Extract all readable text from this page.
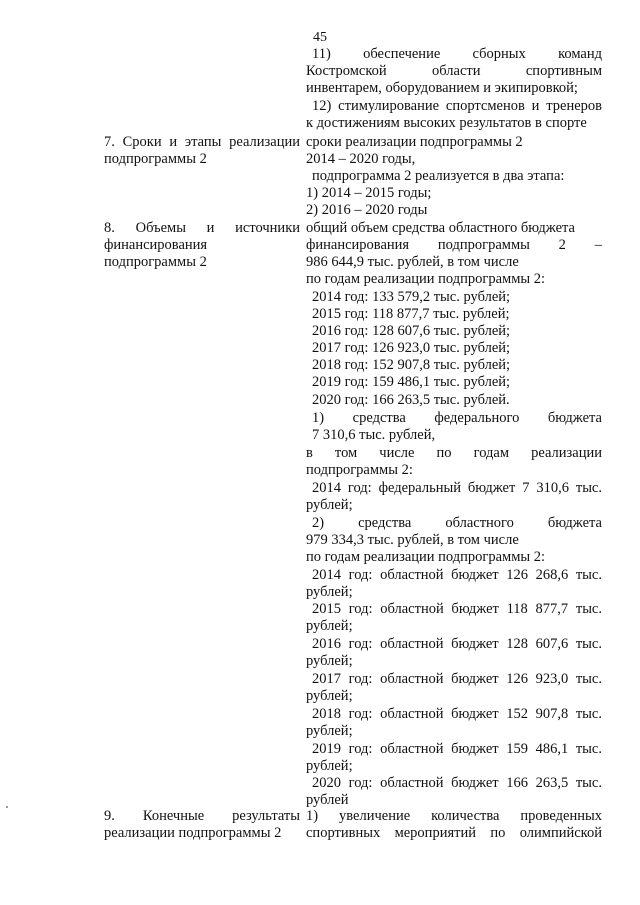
45
7. Сроки и этапы реализации
подпрограммы 2
8. Объемы и источники
финансирования
подпрограммы 2
9. Конечные результаты
реализации подпрограммы 2
11) обеспечение сборных команд
Костромской области спортивным
инвентарем, оборудованием и экипировкой;
12) стимулирование спортсменов и тренеров
к достижениям высоких результатов в спорте
сроки реализации подпрограммы 2
2014 – 2020 годы,
подпрограмма 2 реализуется в два этапа:
1) 2014 – 2015 годы;
2) 2016 – 2020 годы
общий объем средства областного бюджета
финансирования подпрограммы 2 –
986 644,9 тыс. рублей, в том числе
по годам реализации подпрограммы 2:
2014 год: 133 579,2 тыс. рублей;
2015 год: 118 877,7 тыс. рублей;
2016 год: 128 607,6 тыс. рублей;
2017 год: 126 923,0 тыс. рублей;
2018 год: 152 907,8 тыс. рублей;
2019 год: 159 486,1 тыс. рублей;
2020 год: 166 263,5 тыс. рублей.
1) средства федерального бюджета
7 310,6 тыс. рублей,
в том числе по годам реализации
подпрограммы 2:
2014 год: федеральный бюджет 7 310,6 тыс.
рублей;
2) средства областного бюджета
979 334,3 тыс. рублей, в том числе
по годам реализации подпрограммы 2:
2014 год: областной бюджет 126 268,6 тыс.
рублей;
2015 год: областной бюджет 118 877,7 тыс.
рублей;
2016 год: областной бюджет 128 607,6 тыс.
рублей;
2017 год: областной бюджет 126 923,0 тыс.
рублей;
2018 год: областной бюджет 152 907,8 тыс.
рублей;
2019 год: областной бюджет 159 486,1 тыс.
рублей;
2020 год: областной бюджет 166 263,5 тыс.
рублей
1) увеличение количества проведенных
спортивных мероприятий по олимпийской
